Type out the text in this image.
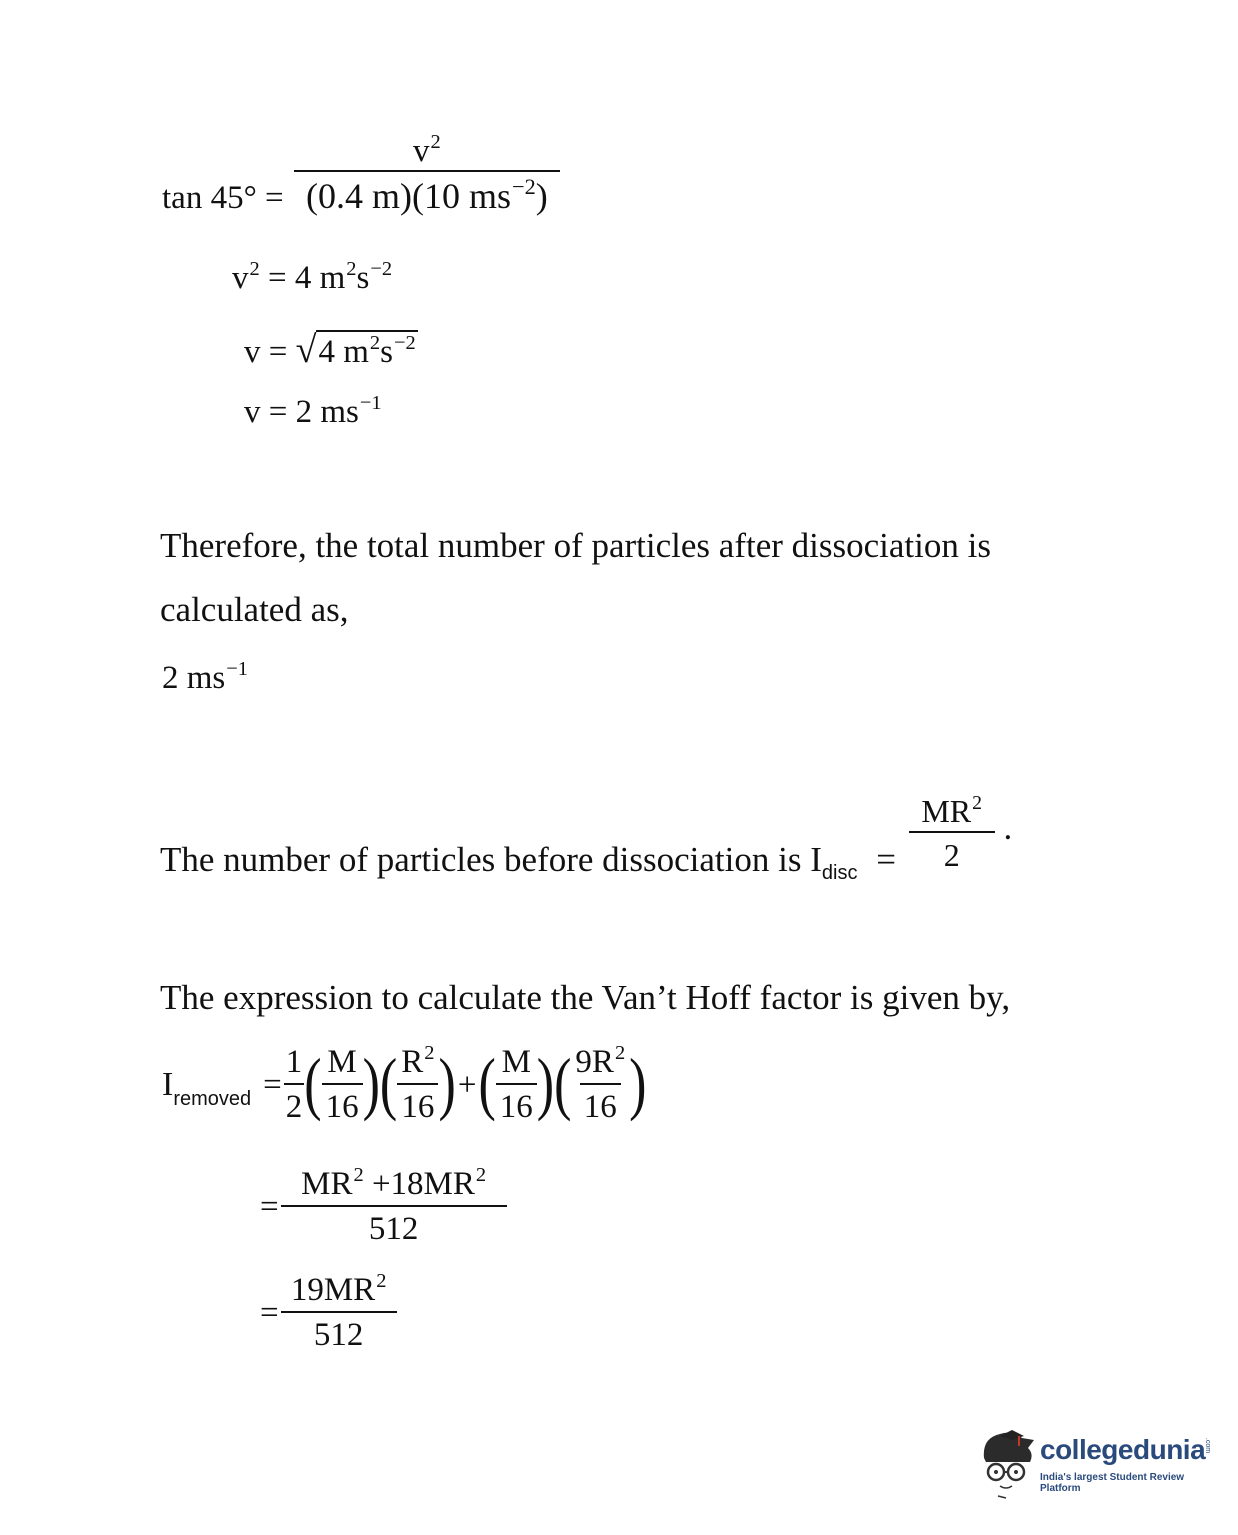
$\tan 45^\circ = \frac{v^2}{(0.4 m)(10 ms^{-2})}$
$v^2 = 4$ $m^2s^{-2}$
v = √ 4 $m^2s^{-2}$
v = 2 $ms^{-1}$
Therefore, the total number of particles after dissociation is
calculated as,
2 $ms^{-1}$
The number of particles before dissociation is $I_{disc} = \frac{MR^2}{2}$ .
The expression to calculate the Van’t Hoff factor is given by,
$I_{removed} = \frac{1}{2}$ ( $\frac{M}{16}$ ) ( $\frac{R^2}{16}$ ) + ( $\frac{M}{16}$ ) ( $\frac{9R^2}{16}$ )
= $\frac{MR^2 +18MR^2}{512}$
= $\frac{19MR^2}{512}$
collegedunia
.com
India's largest Student Review Platform
